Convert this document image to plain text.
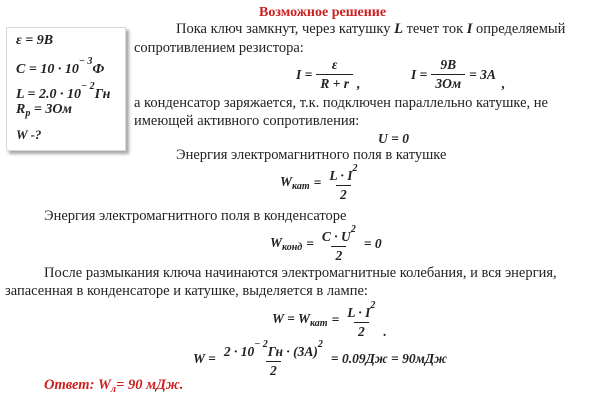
ε = 9B
$C = 10 \cdot 10^{- 3}Ф$
$L = 2.0 \cdot 10^{- 2}Гн$
$R_р = 3Ом$
W -?
Возможное решение
Пока ключ замкнут, через катушку L течет ток I определяемый
сопротивлением резистора:
$I = \frac{\varepsilon}{R + r}$ ,
$I = \frac{9B}{3Ом} = 3A$
,
а конденсатор заряжается, т.к. подключен параллельно катушке, не
имеющей активного сопротивления:
U = 0
Энергия электромагнитного поля в катушке
$W_{кат} = \frac{L \cdot I^2}{2}$
Энергия электромагнитного поля в конденсаторе
$W_{конд} = \frac{C \cdot U^2}{2} = 0$
После размыкания ключа начинаются электромагнитные колебания, и вся энергия,
запасенная в конденсаторе и катушке, выделяется в лампе:
$W = W_{кат} = \frac{L \cdot I^2}{2}$ .
$W = \frac{2 \cdot 10^{- 2}Гн \cdot (3A)^2}{2} = 0.09Дж = 90мДж$
Ответ: $W_л= 90$ мДж.
